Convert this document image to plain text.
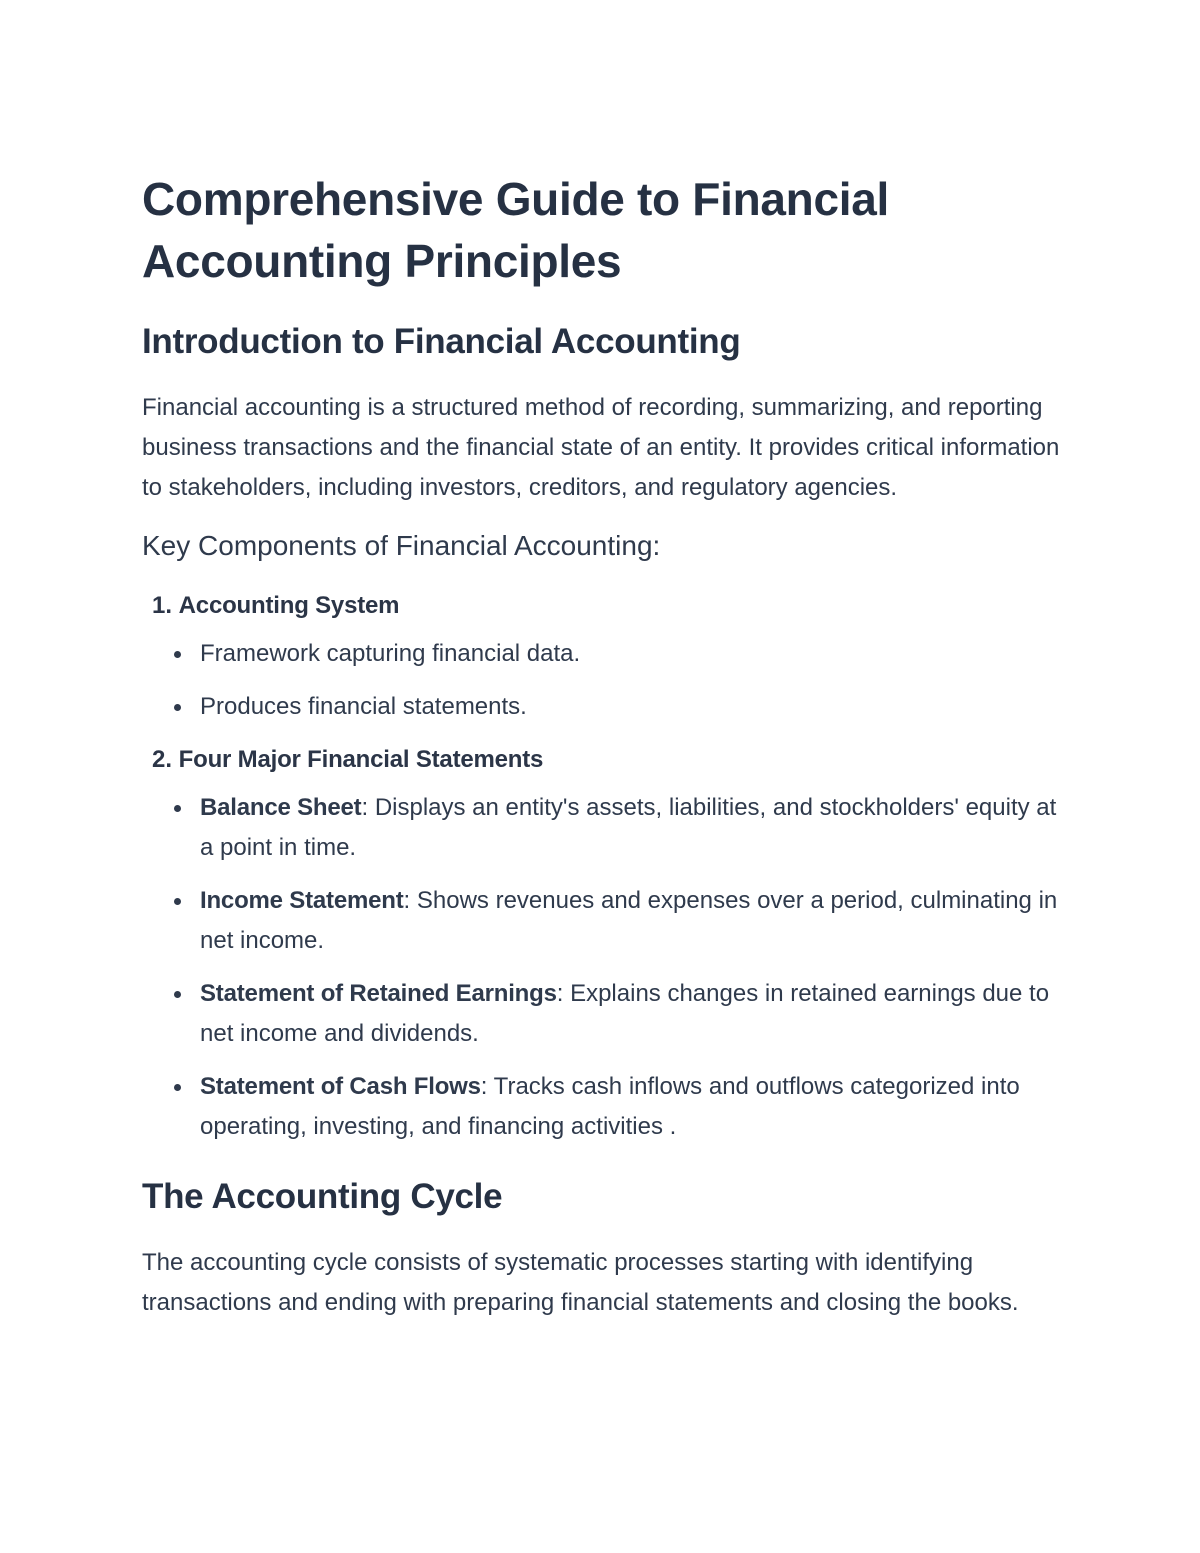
Comprehensive Guide to Financial Accounting Principles
Introduction to Financial Accounting

Financial accounting is a structured method of recording, summarizing, and reporting business transactions and the financial state of an entity. It provides critical information to stakeholders, including investors, creditors, and regulatory agencies.

Key Components of Financial Accounting:
1. Accounting System
Framework capturing financial data.
Produces financial statements.
2. Four Major Financial Statements
Balance Sheet: Displays an entity's assets, liabilities, and stockholders' equity at a point in time.
Income Statement: Shows revenues and expenses over a period, culminating in net income.
Statement of Retained Earnings: Explains changes in retained earnings due to net income and dividends.
Statement of Cash Flows: Tracks cash inflows and outflows categorized into operating, investing, and financing activities .
The Accounting Cycle

The accounting cycle consists of systematic processes starting with identifying transactions and ending with preparing financial statements and closing the books.
